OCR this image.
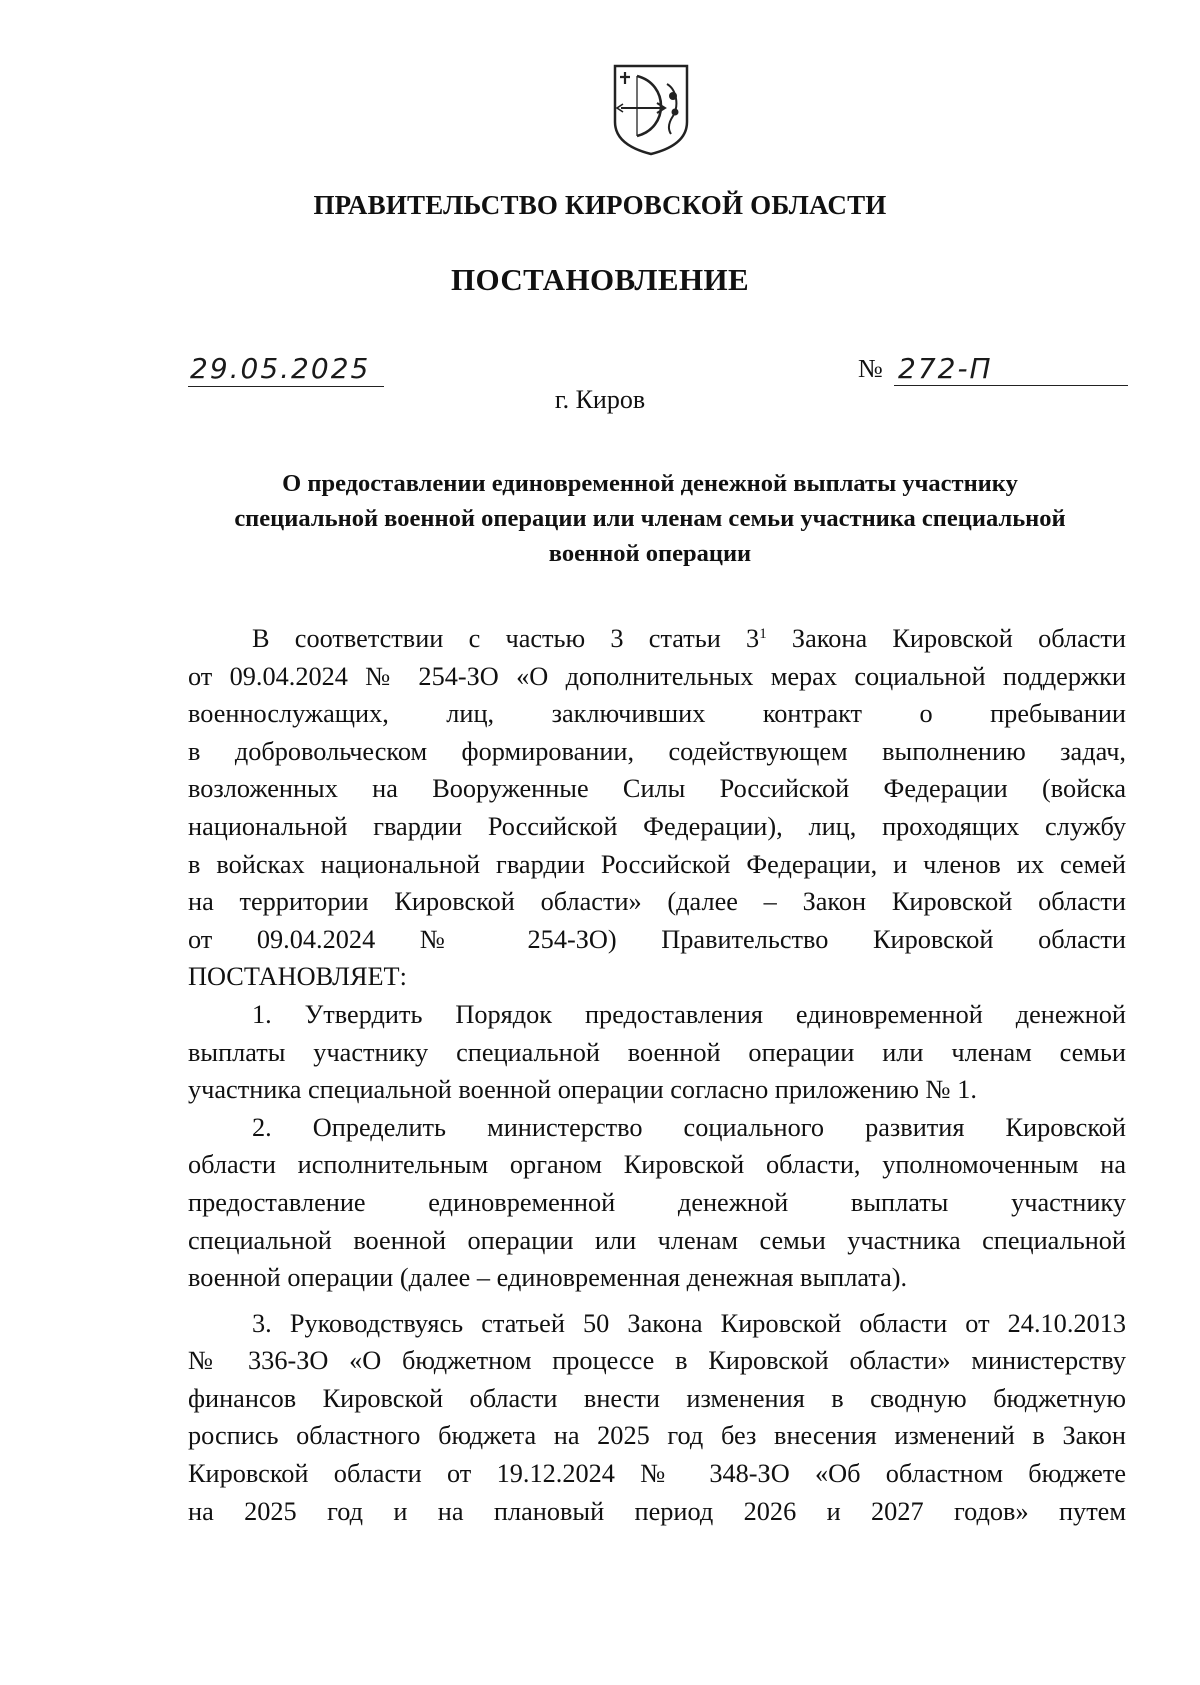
ПРАВИТЕЛЬСТВО КИРОВСКОЙ ОБЛАСТИ
ПОСТАНОВЛЕНИЕ
29.05.2025	№ 272-П
г. Киров
О предоставлении единовременной денежной выплаты участнику
специальной военной операции или членам семьи участника специальной
военной операции

В соответствии с частью 3 статьи $3^1$ Закона Кировской области

от 09.04.2024 № 254-ЗО «О дополнительных мерах социальной поддержки

военнослужащих, лиц, заключивших контракт о пребывании

в добровольческом формировании, содействующем выполнению задач,

возложенных на Вооруженные Силы Российской Федерации (войска

национальной гвардии Российской Федерации), лиц, проходящих службу

в войсках национальной гвардии Российской Федерации, и членов их семей

на территории Кировской области» (далее – Закон Кировской области

от 09.04.2024 № 254-ЗО) Правительство Кировской области

ПОСТАНОВЛЯЕТ:

1. Утвердить Порядок предоставления единовременной денежной

выплаты участнику специальной военной операции или членам семьи

участника специальной военной операции согласно приложению № 1.

2. Определить министерство социального развития Кировской

области исполнительным органом Кировской области, уполномоченным на

предоставление единовременной денежной выплаты участнику

специальной военной операции или членам семьи участника специальной

военной операции (далее – единовременная денежная выплата).

3. Руководствуясь статьей 50 Закона Кировской области от 24.10.2013

№ 336-ЗО «О бюджетном процессе в Кировской области» министерству

финансов Кировской области внести изменения в сводную бюджетную

роспись областного бюджета на 2025 год без внесения изменений в Закон

Кировской области от 19.12.2024 № 348-ЗО «Об областном бюджете

на 2025 год и на плановый период 2026 и 2027 годов» путем
